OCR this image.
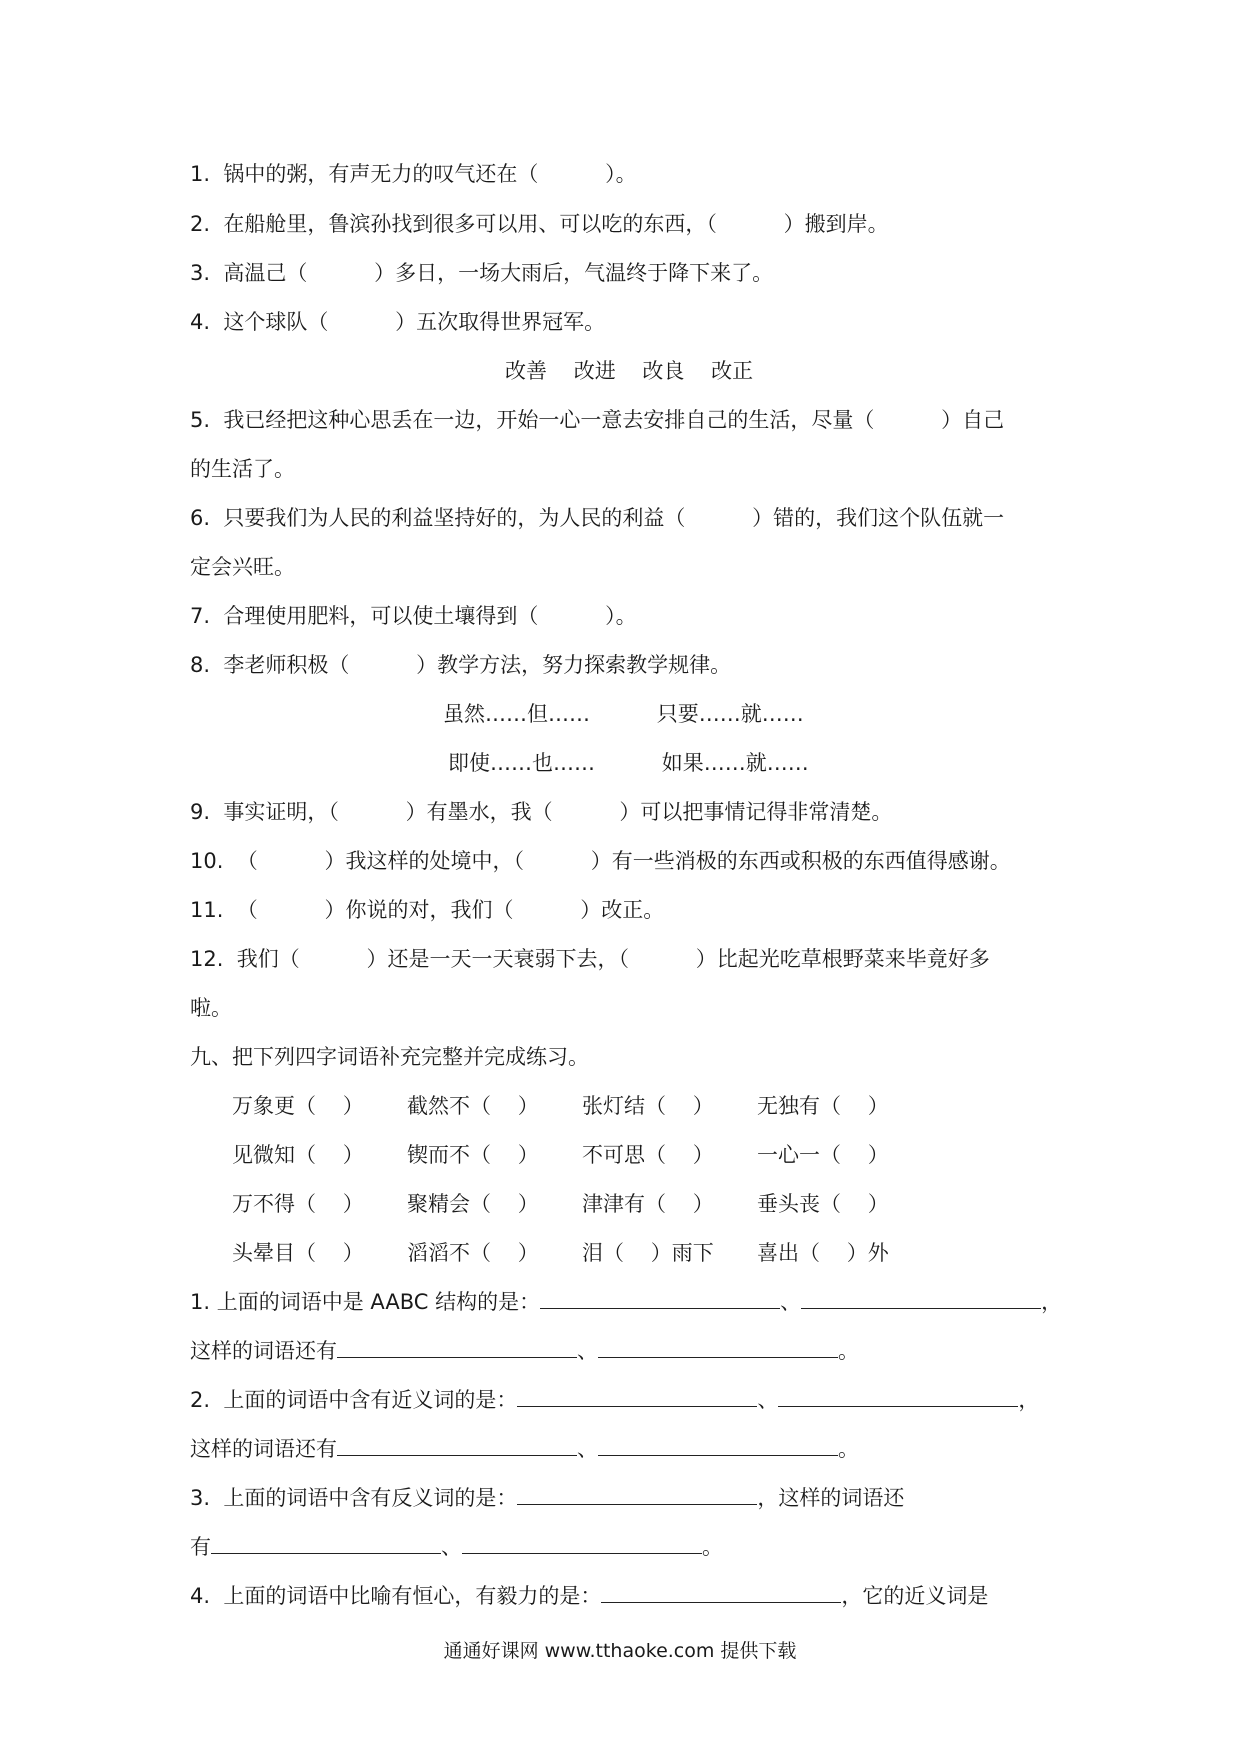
1.  锅中的粥，有声无力的叹气还在（          ）。
2.  在船舱里，鲁滨孙找到很多可以用、可以吃的东西，（          ）搬到岸。
3.  高温己（          ）多日，一场大雨后，气温终于降下来了。
4.  这个球队（          ）五次取得世界冠军。
改善    改进    改良    改正
5.  我已经把这种心思丢在一边，开始一心一意去安排自己的生活，尽量（          ）自己
的生活了。
6.  只要我们为人民的利益坚持好的，为人民的利益（          ）错的，我们这个队伍就一
定会兴旺。
7.  合理使用肥料，可以使土壤得到（          ）。
8.  李老师积极（          ）教学方法，努力探索教学规律。
虽然……但……          只要……就……
即使……也……          如果……就……
9.  事实证明，（          ）有墨水，我（          ）可以把事情记得非常清楚。
10.  （          ）我这样的处境中，（          ）有一些消极的东西或积极的东西值得感谢。
11.  （          ）你说的对，我们（          ）改正。
12.  我们（          ）还是一天一天衰弱下去，（          ）比起光吃草根野菜来毕竟好多
啦。
九、把下列四字词语补充完整并完成练习。
万象更（    ） 截然不（    ） 张灯结（    ） 无独有（    ）
见微知（    ） 锲而不（    ） 不可思（    ） 一心一（    ）
万不得（    ） 聚精会（    ） 津津有（    ） 垂头丧（    ）
头晕目（    ） 滔滔不（    ） 泪（    ）雨下 喜出（    ）外
1. 上面的词语中是 AABC 结构的是：	、	，
这样的词语还有	、	。
2.  上面的词语中含有近义词的是：	、	，
这样的词语还有	、	。
3.  上面的词语中含有反义词的是：	，这样的词语还
有	、	。
4.  上面的词语中比喻有恒心，有毅力的是：	，它的近义词是
通通好课网 www.tthaoke.com 提供下载
